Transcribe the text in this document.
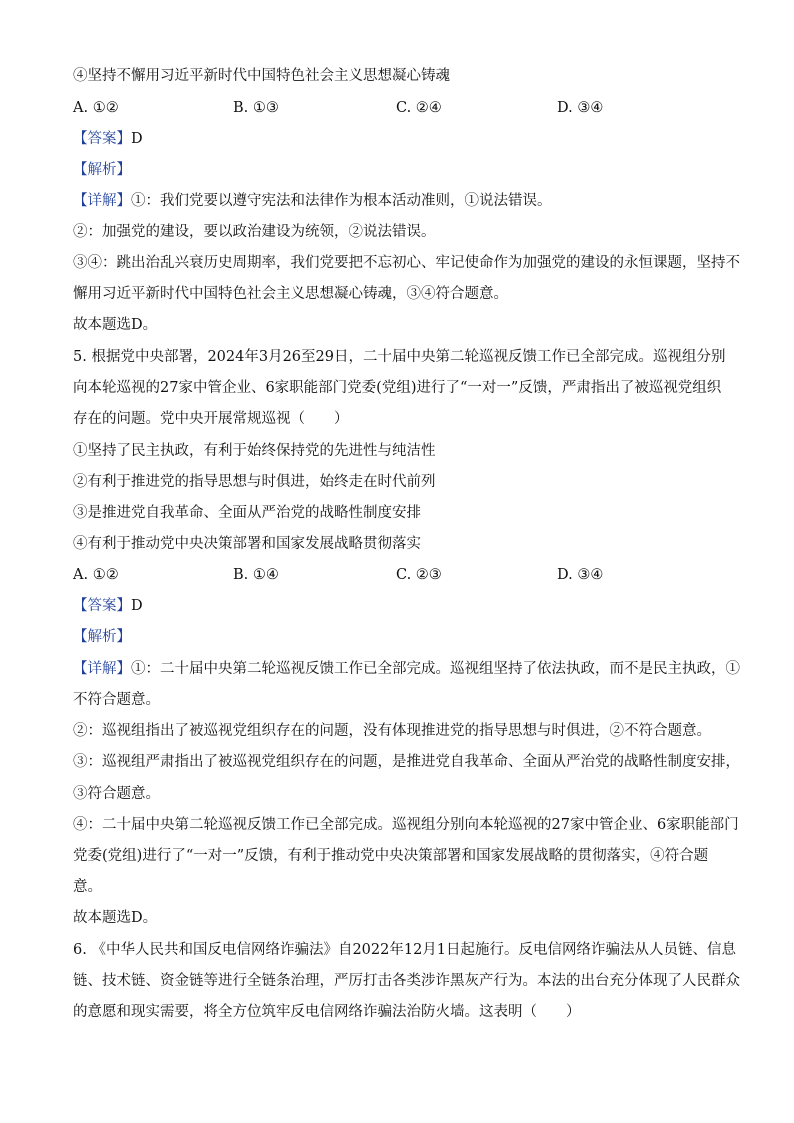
④坚持不懈用习近平新时代中国特色社会主义思想凝心铸魂
A. ①②	B. ①③	C. ②④	D. ③④
【答案】D
【解析】
【详解】①：我们党要以遵守宪法和法律作为根本活动准则，①说法错误。
②：加强党的建设，要以政治建设为统领，②说法错误。
③④：跳出治乱兴衰历史周期率，我们党要把不忘初心、牢记使命作为加强党的建设的永恒课题，坚持不
懈用习近平新时代中国特色社会主义思想凝心铸魂，③④符合题意。
故本题选D。
5. 根据党中央部署，2024年3月26至29日，二十届中央第二轮巡视反馈工作已全部完成。巡视组分别
向本轮巡视的27家中管企业、6家职能部门党委(党组)进行了“一对一”反馈，严肃指出了被巡视党组织
存在的问题。党中央开展常规巡视（　　）
①坚持了民主执政，有利于始终保持党的先进性与纯洁性
②有利于推进党的指导思想与时俱进，始终走在时代前列
③是推进党自我革命、全面从严治党的战略性制度安排
④有利于推动党中央决策部署和国家发展战略贯彻落实
A. ①②	B. ①④	C. ②③	D. ③④
【答案】D
【解析】
【详解】①：二十届中央第二轮巡视反馈工作已全部完成。巡视组坚持了依法执政，而不是民主执政，①
不符合题意。
②：巡视组指出了被巡视党组织存在的问题，没有体现推进党的指导思想与时俱进，②不符合题意。
③：巡视组严肃指出了被巡视党组织存在的问题，是推进党自我革命、全面从严治党的战略性制度安排，
③符合题意。
④：二十届中央第二轮巡视反馈工作已全部完成。巡视组分别向本轮巡视的27家中管企业、6家职能部门
党委(党组)进行了“一对一”反馈，有利于推动党中央决策部署和国家发展战略的贯彻落实，④符合题
意。
故本题选D。
6. 《中华人民共和国反电信网络诈骗法》自2022年12月1日起施行。反电信网络诈骗法从人员链、信息
链、技术链、资金链等进行全链条治理，严厉打击各类涉诈黑灰产行为。本法的出台充分体现了人民群众
的意愿和现实需要，将全方位筑牢反电信网络诈骗法治防火墙。这表明（　　）
